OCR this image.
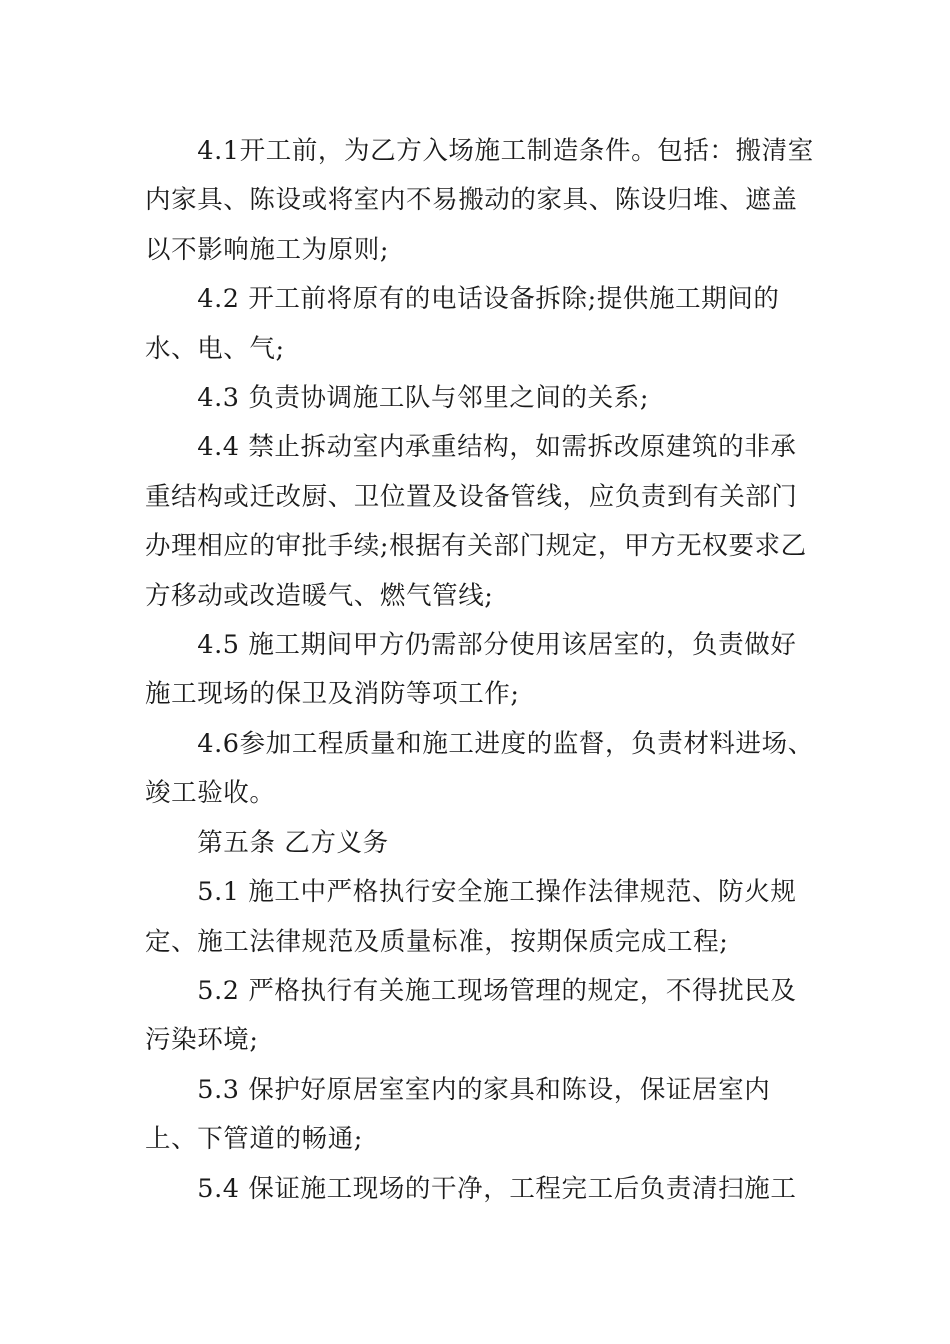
4.1开工前，为乙方入场施工制造条件。包括：搬清室内家具、陈设或将室内不易搬动的家具、陈设归堆、遮盖以不影响施工为原则;

4.2 开工前将原有的电话设备拆除;提供施工期间的水、电、气;

4.3 负责协调施工队与邻里之间的关系;

4.4 禁止拆动室内承重结构，如需拆改原建筑的非承重结构或迁改厨、卫位置及设备管线，应负责到有关部门办理相应的审批手续;根据有关部门规定，甲方无权要求乙方移动或改造暖气、燃气管线;

4.5 施工期间甲方仍需部分使用该居室的，负责做好施工现场的保卫及消防等项工作;

4.6参加工程质量和施工进度的监督，负责材料进场、竣工验收。

第五条 乙方义务

5.1 施工中严格执行安全施工操作法律规范、防火规定、施工法律规范及质量标准，按期保质完成工程;

5.2 严格执行有关施工现场管理的规定，不得扰民及污染环境;

5.3 保护好原居室室内的家具和陈设，保证居室内上、下管道的畅通;

5.4 保证施工现场的干净，工程完工后负责清扫施工
